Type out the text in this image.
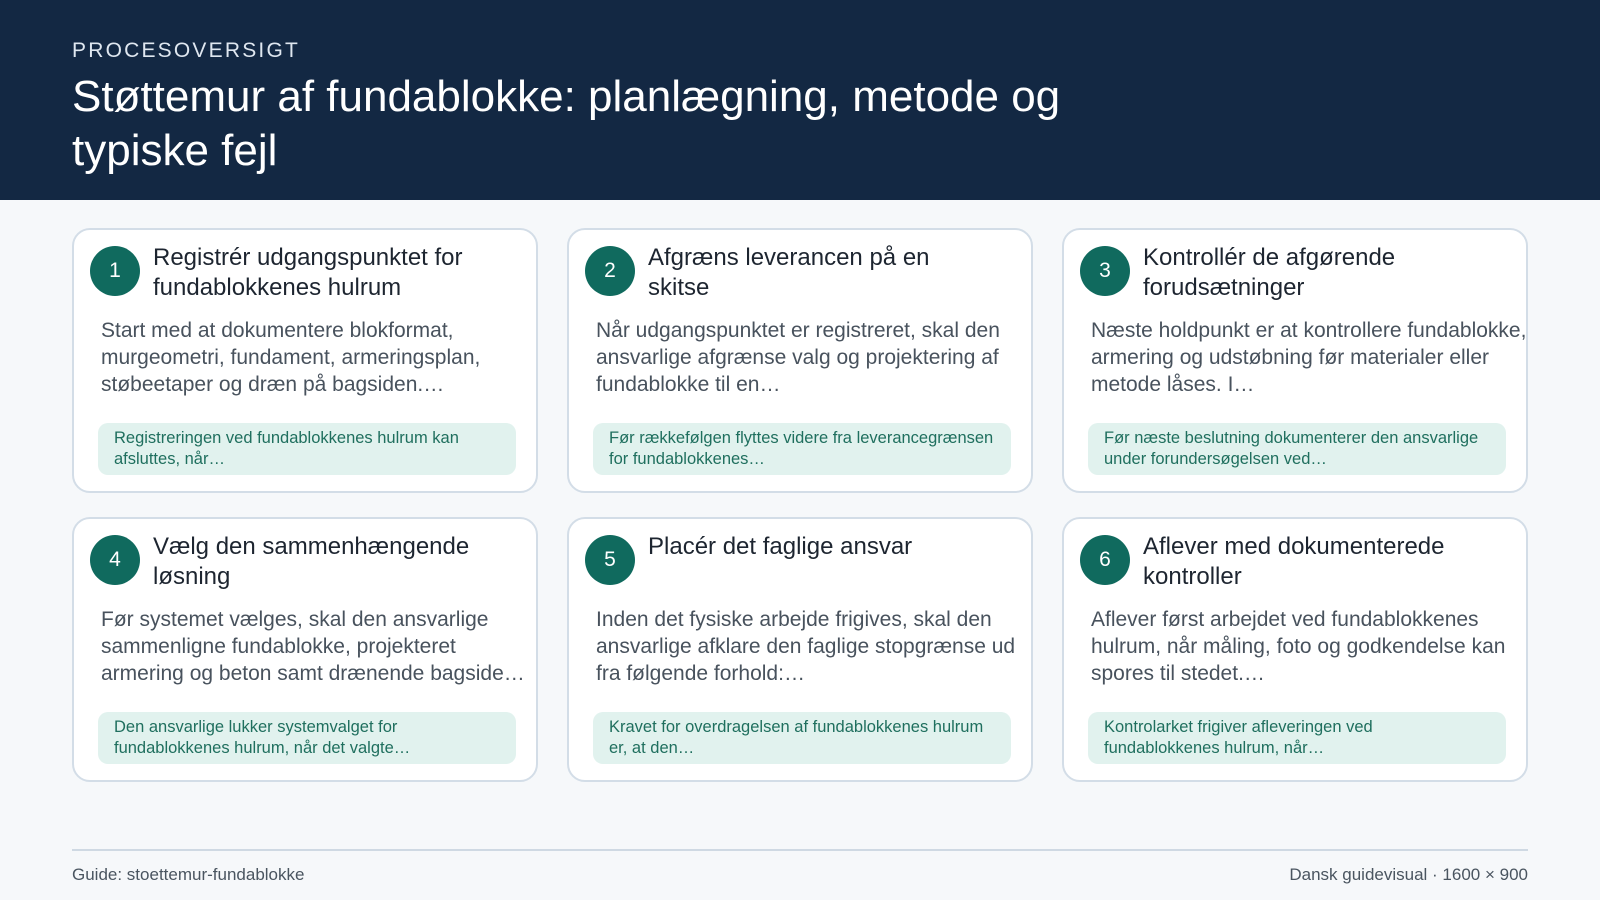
PROCESOVERSIGT

Støttemur af fundablokke: planlægning, metode og typiske fejl
1	Registrér udgangspunktet for fundablokkenes hulrum

Start med at dokumentere blokformat, murgeometri, fundament, armeringsplan, støbeetaper og dræn på bagsiden.…

Registreringen ved fundablokkenes hulrum kan afsluttes, når…
2	Afgræns leverancen på en skitse

Når udgangspunktet er registreret, skal den ansvarlige afgrænse valg og projektering af fundablokke til en…

Før rækkefølgen flyttes videre fra leverancegrænsen for fundablokkenes…
3	Kontrollér de afgørende forudsætninger

Næste holdpunkt er at kontrollere fundablokke, armering og udstøbning før materialer eller metode låses. I…

Før næste beslutning dokumenterer den ansvarlige under forundersøgelsen ved…
4	Vælg den sammenhængende løsning

Før systemet vælges, skal den ansvarlige sammenligne fundablokke, projekteret armering og beton samt drænende bagside…

Den ansvarlige lukker systemvalget for fundablokkenes hulrum, når det valgte…
5	Placér det faglige ansvar

Inden det fysiske arbejde frigives, skal den ansvarlige afklare den faglige stopgrænse ud fra følgende forhold:…

Kravet for overdragelsen af fundablokkenes hulrum er, at den…
6	Aflever med dokumenterede kontroller

Aflever først arbejdet ved fundablokkenes hulrum, når måling, foto og godkendelse kan spores til stedet.…

Kontrolarket frigiver afleveringen ved fundablokkenes hulrum, når…
Guide: stoettemur-fundablokke	Dansk guidevisual · 1600 × 900
